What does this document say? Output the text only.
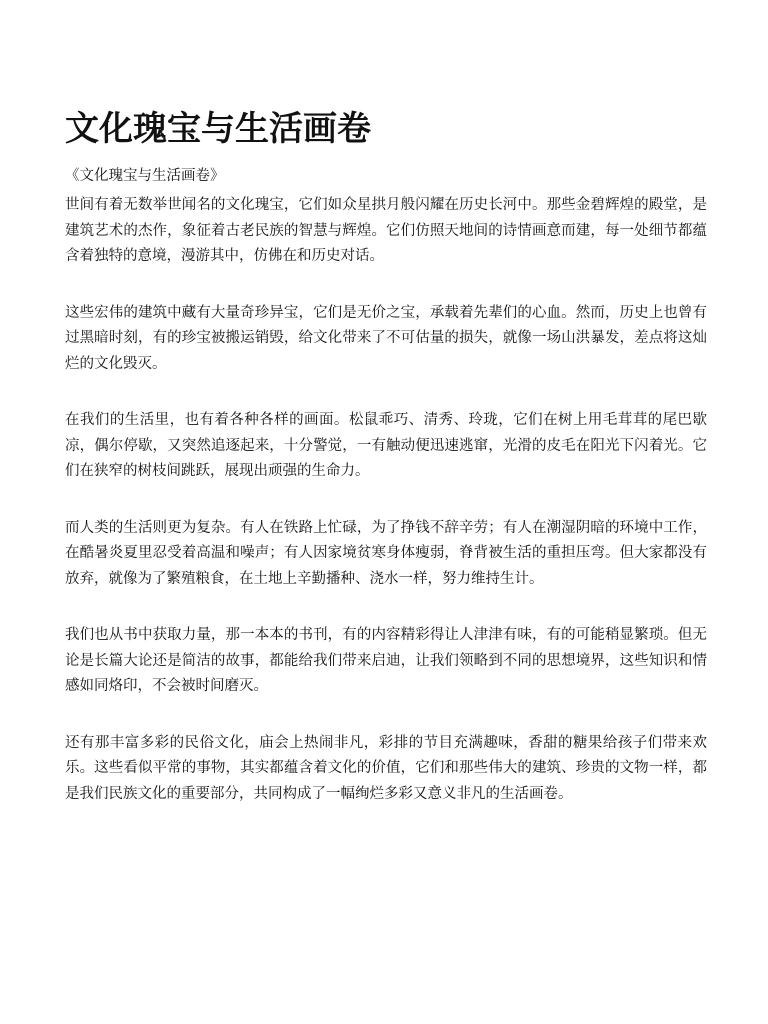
文化瑰宝与生活画卷

《文化瑰宝与生活画卷》

世间有着无数举世闻名的文化瑰宝，它们如众星拱月般闪耀在历史长河中。那些金碧辉煌的殿堂，是建筑艺术的杰作，象征着古老民族的智慧与辉煌。它们仿照天地间的诗情画意而建，每一处细节都蕴含着独特的意境，漫游其中，仿佛在和历史对话。

这些宏伟的建筑中藏有大量奇珍异宝，它们是无价之宝，承载着先辈们的心血。然而，历史上也曾有过黑暗时刻，有的珍宝被搬运销毁，给文化带来了不可估量的损失，就像一场山洪暴发，差点将这灿烂的文化毁灭。

在我们的生活里，也有着各种各样的画面。松鼠乖巧、清秀、玲珑，它们在树上用毛茸茸的尾巴歇凉，偶尔停歇，又突然追逐起来，十分警觉，一有触动便迅速逃窜，光滑的皮毛在阳光下闪着光。它们在狭窄的树枝间跳跃，展现出顽强的生命力。

而人类的生活则更为复杂。有人在铁路上忙碌，为了挣钱不辞辛劳；有人在潮湿阴暗的环境中工作，在酷暑炎夏里忍受着高温和噪声；有人因家境贫寒身体瘦弱，脊背被生活的重担压弯。但大家都没有放弃，就像为了繁殖粮食，在土地上辛勤播种、浇水一样，努力维持生计。

我们也从书中获取力量，那一本本的书刊，有的内容精彩得让人津津有味，有的可能稍显繁琐。但无论是长篇大论还是简洁的故事，都能给我们带来启迪，让我们领略到不同的思想境界，这些知识和情感如同烙印，不会被时间磨灭。

还有那丰富多彩的民俗文化，庙会上热闹非凡，彩排的节目充满趣味，香甜的糖果给孩子们带来欢乐。这些看似平常的事物，其实都蕴含着文化的价值，它们和那些伟大的建筑、珍贵的文物一样，都是我们民族文化的重要部分，共同构成了一幅绚烂多彩又意义非凡的生活画卷。
